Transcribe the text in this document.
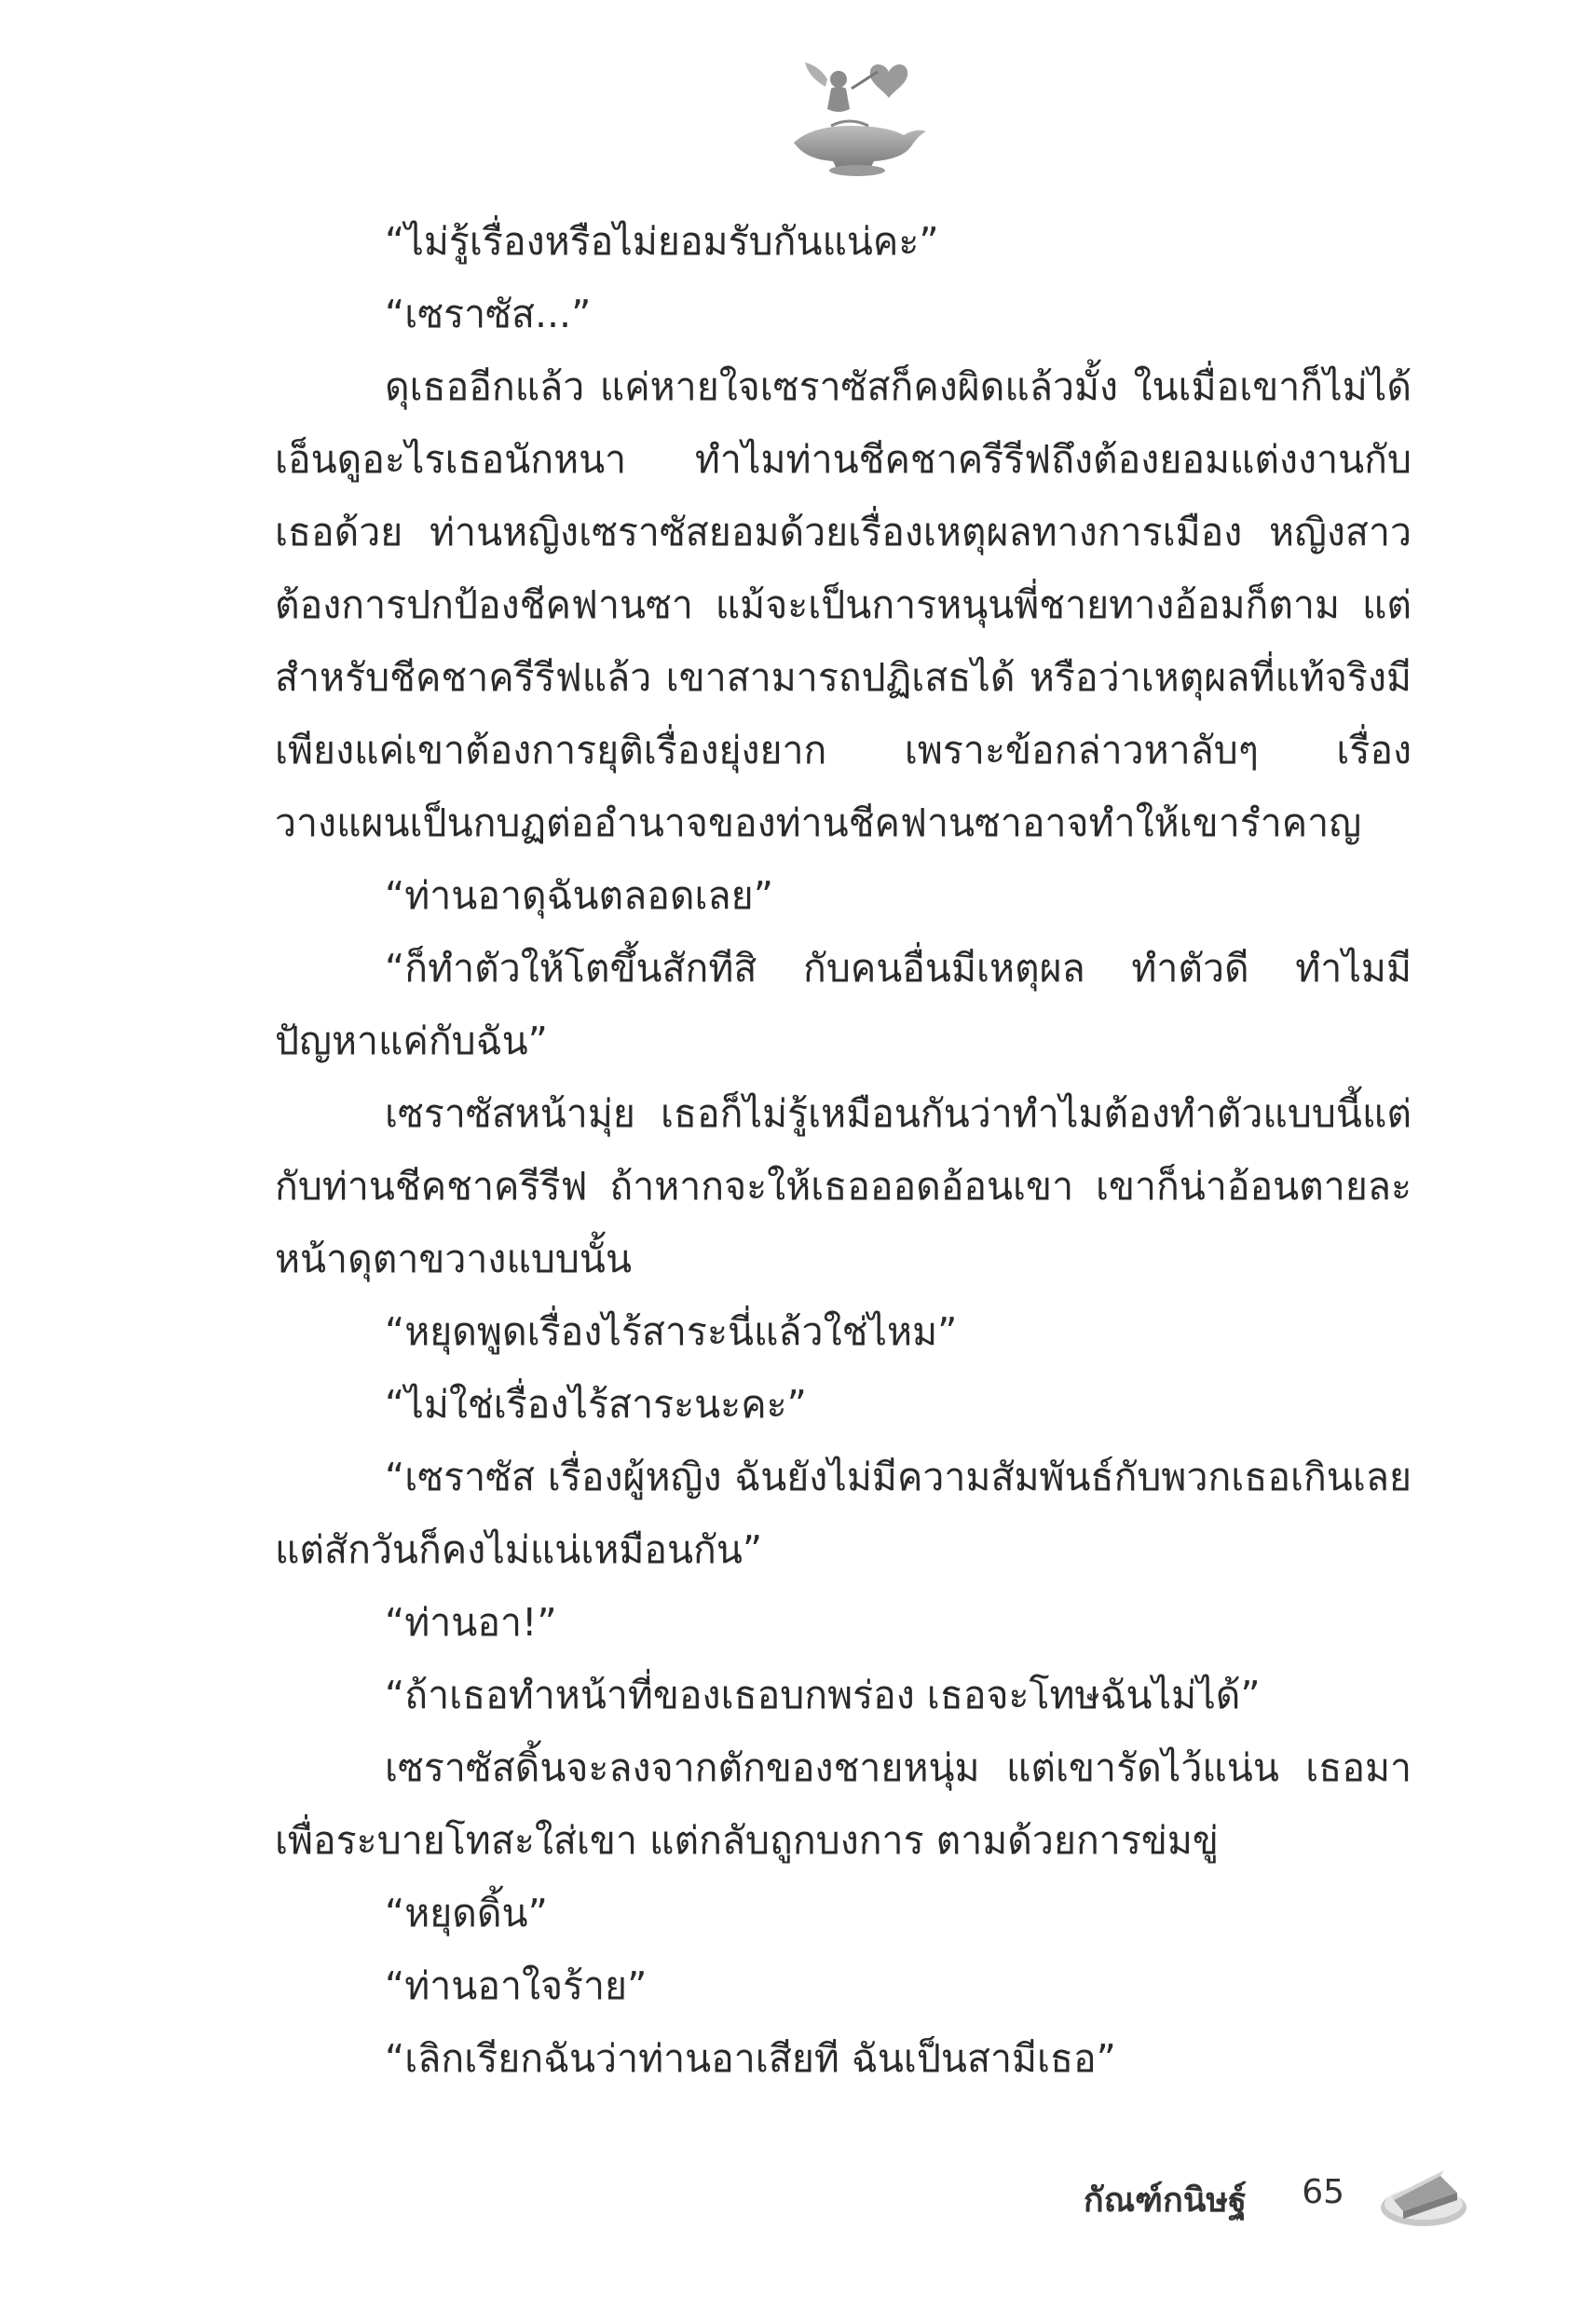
“ไม่รู้เรื่องหรือไม่ยอมรับกันแน่คะ”

“เซราซัส...”

ดุเธออีกแล้ว แค่หายใจเซราซัสก็คงผิดแล้วมั้ง ในเมื่อเขาก็ไม่ได้เอ็นดูอะไรเธอนักหนา ทำไมท่านชีคชาครีรีฟถึงต้องยอมแต่งงานกับเธอด้วย ท่านหญิงเซราซัสยอมด้วยเรื่องเหตุผลทางการเมือง หญิงสาวต้องการปกป้องชีคฟานซา แม้จะเป็นการหนุนพี่ชายทางอ้อมก็ตาม แต่สำหรับชีคชาครีรีฟแล้ว เขาสามารถปฏิเสธได้ หรือว่าเหตุผลที่แท้จริงมีเพียงแค่เขาต้องการยุติเรื่องยุ่งยาก เพราะข้อกล่าวหาลับๆ เรื่องวางแผนเป็นกบฏต่ออำนาจของท่านชีคฟานซาอาจทำให้เขารำคาญ

“ท่านอาดุฉันตลอดเลย”

“ก็ทำตัวให้โตขึ้นสักทีสิ กับคนอื่นมีเหตุผล ทำตัวดี ทำไมมีปัญหาแค่กับฉัน”

เซราซัสหน้ามุ่ย เธอก็ไม่รู้เหมือนกันว่าทำไมต้องทำตัวแบบนี้แต่กับท่านชีคชาครีรีฟ ถ้าหากจะให้เธอออดอ้อนเขา เขาก็น่าอ้อนตายละหน้าดุตาขวางแบบนั้น

“หยุดพูดเรื่องไร้สาระนี่แล้วใช่ไหม”

“ไม่ใช่เรื่องไร้สาระนะคะ”

“เซราซัส เรื่องผู้หญิง ฉันยังไม่มีความสัมพันธ์กับพวกเธอเกินเลยแต่สักวันก็คงไม่แน่เหมือนกัน”

“ท่านอา!”

“ถ้าเธอทำหน้าที่ของเธอบกพร่อง เธอจะโทษฉันไม่ได้”

เซราซัสดิ้นจะลงจากตักของชายหนุ่ม แต่เขารัดไว้แน่น เธอมาเพื่อระบายโทสะใส่เขา แต่กลับถูกบงการ ตามด้วยการข่มขู่

“หยุดดิ้น”

“ท่านอาใจร้าย”

“เลิกเรียกฉันว่าท่านอาเสียที ฉันเป็นสามีเธอ”

กัณฑ์กนิษฐ์ 65
